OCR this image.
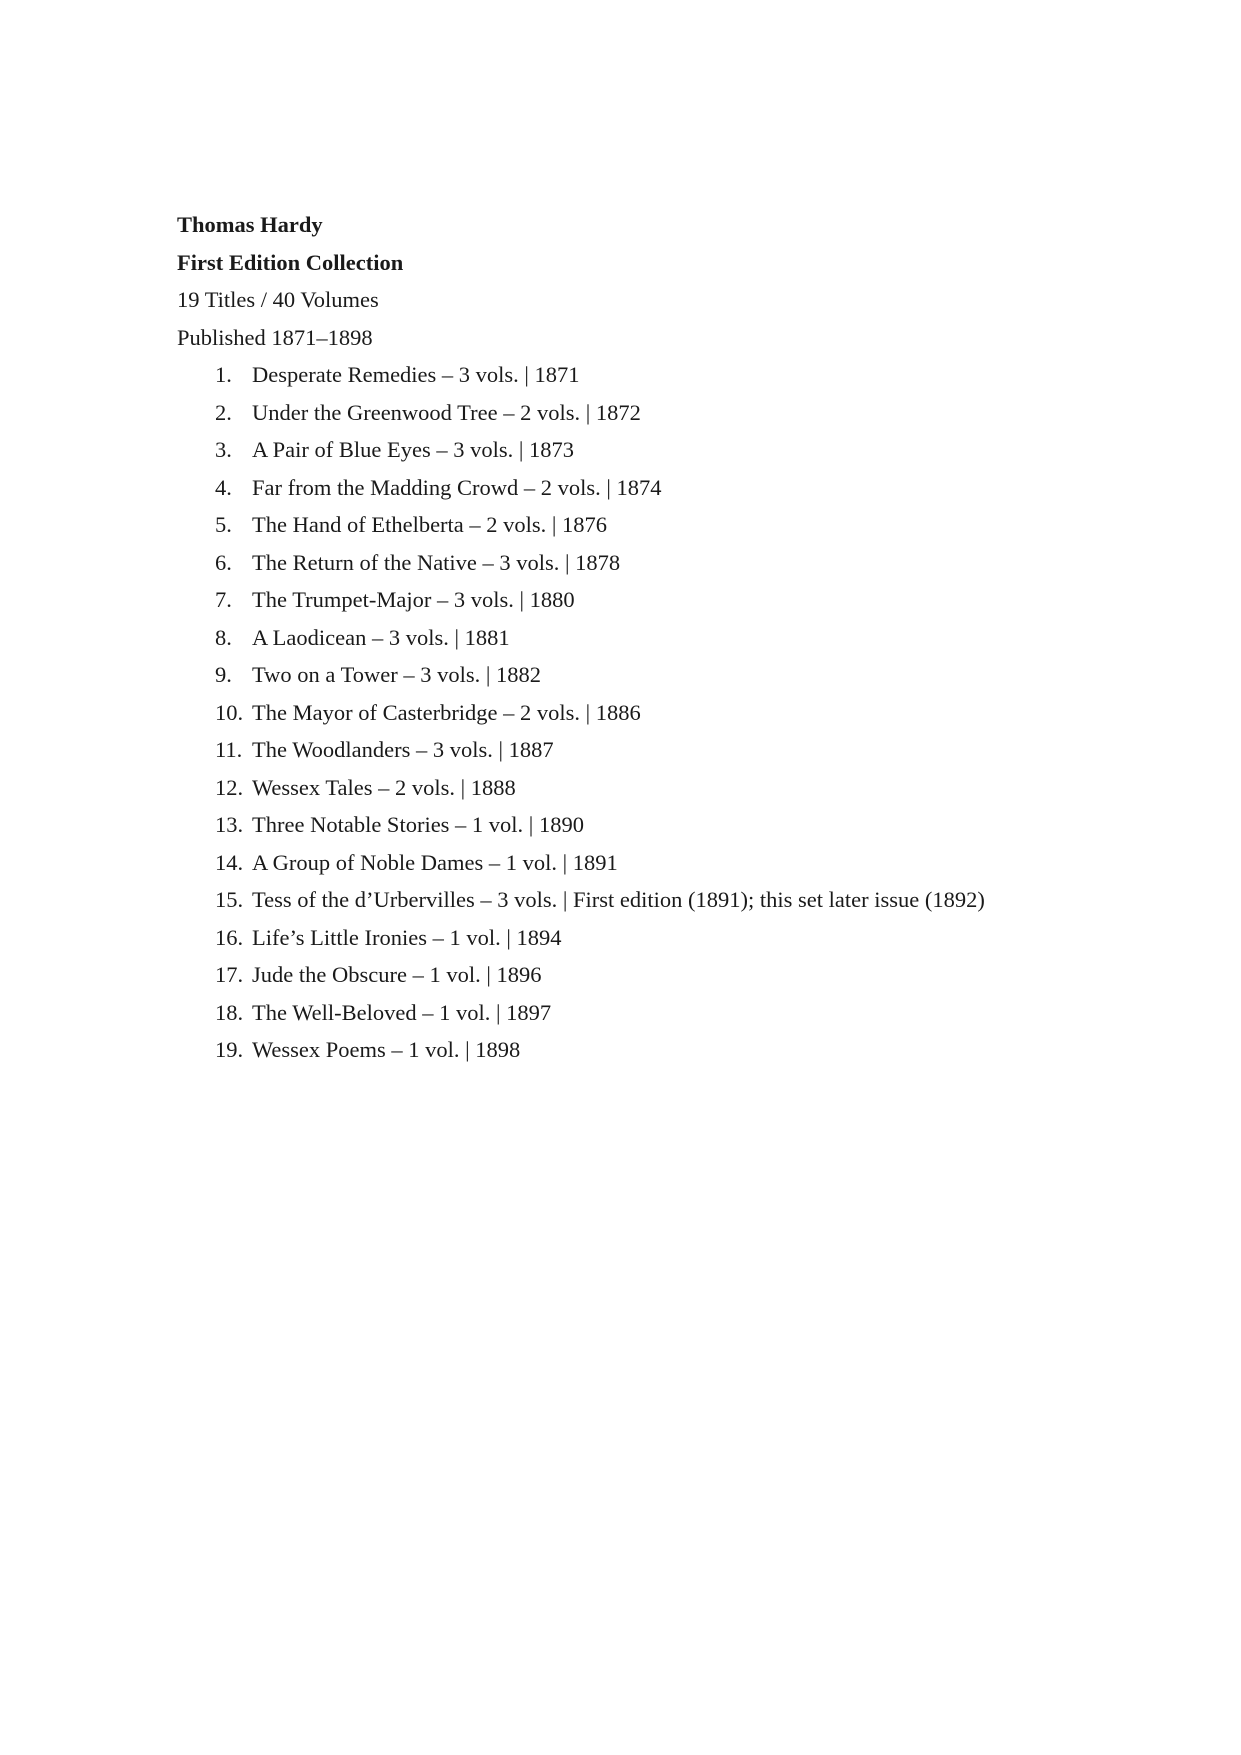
Thomas Hardy
First Edition Collection
19 Titles / 40 Volumes
Published 1871–1898
1. Desperate Remedies – 3 vols. | 1871
2. Under the Greenwood Tree – 2 vols. | 1872
3. A Pair of Blue Eyes – 3 vols. | 1873
4. Far from the Madding Crowd – 2 vols. | 1874
5. The Hand of Ethelberta – 2 vols. | 1876
6. The Return of the Native – 3 vols. | 1878
7. The Trumpet-Major – 3 vols. | 1880
8. A Laodicean – 3 vols. | 1881
9. Two on a Tower – 3 vols. | 1882
10. The Mayor of Casterbridge – 2 vols. | 1886
11. The Woodlanders – 3 vols. | 1887
12. Wessex Tales – 2 vols. | 1888
13. Three Notable Stories – 1 vol. | 1890
14. A Group of Noble Dames – 1 vol. | 1891
15. Tess of the d’Urbervilles – 3 vols. | First edition (1891); this set later issue (1892)
16. Life’s Little Ironies – 1 vol. | 1894
17. Jude the Obscure – 1 vol. | 1896
18. The Well-Beloved – 1 vol. | 1897
19. Wessex Poems – 1 vol. | 1898
